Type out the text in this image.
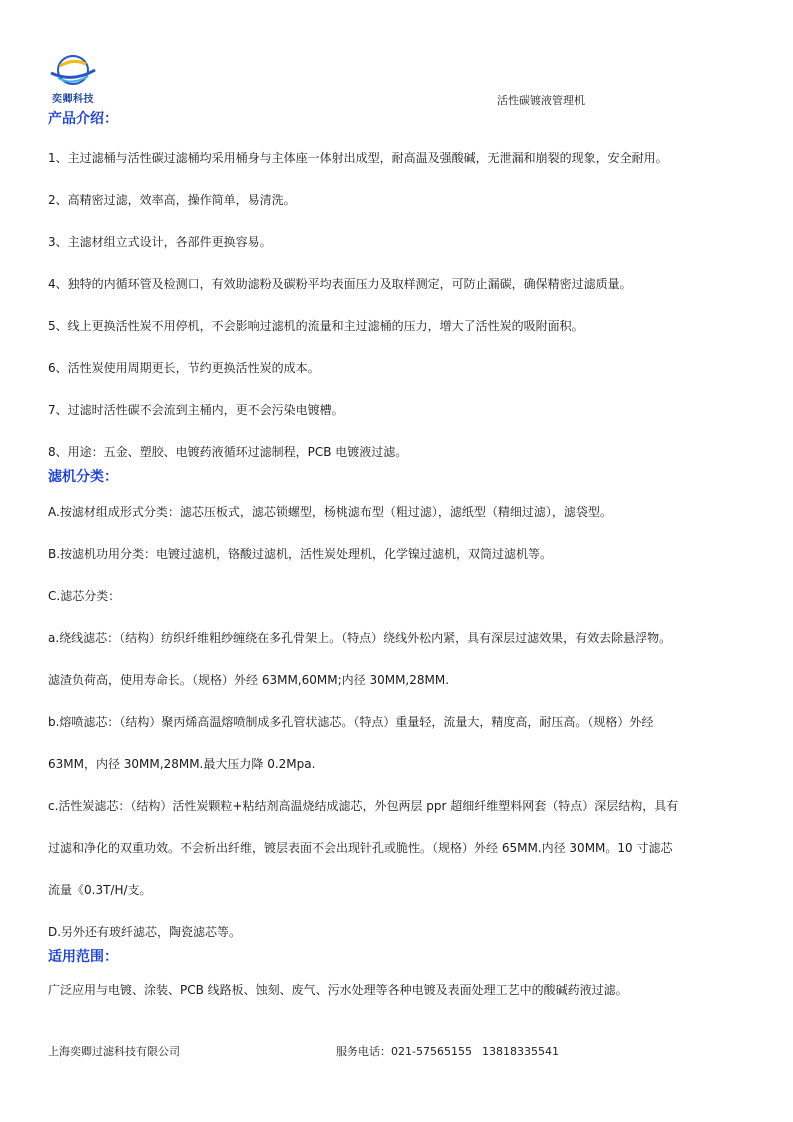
奕卿科技	活性碳镀液管理机
产品介绍：

1、主过滤桶与活性碳过滤桶均采用桶身与主体座一体射出成型，耐高温及强酸碱，无泄漏和崩裂的现象，安全耐用。

2、高精密过滤，效率高，操作简单，易清洗。

3、主滤材组立式设计，各部件更换容易。

4、独特的内循环管及检测口，有效助滤粉及碳粉平均表面压力及取样测定，可防止漏碳，确保精密过滤质量。

5、线上更换活性炭不用停机，不会影响过滤机的流量和主过滤桶的压力，增大了活性炭的吸附面积。

6、活性炭使用周期更长，节约更换活性炭的成本。

7、过滤时活性碳不会流到主桶内，更不会污染电镀槽。

8、用途：五金、塑胶、电镀药液循环过滤制程，PCB 电镀液过滤。

滤机分类：

A.按滤材组成形式分类：滤芯压板式，滤芯锁螺型，杨桃滤布型（粗过滤），滤纸型（精细过滤），滤袋型。

B.按滤机功用分类：电镀过滤机，铬酸过滤机，活性炭处理机，化学镍过滤机，双筒过滤机等。

C.滤芯分类：

a.绕线滤芯：（结构）纺织纤维粗纱缠绕在多孔骨架上。（特点）绕线外松内紧，具有深层过滤效果，有效去除悬浮物。

滤渣负荷高，使用寿命长。（规格）外经 63MM,60MM;内径 30MM,28MM.

b.熔喷滤芯：（结构）聚丙烯高温熔喷制成多孔管状滤芯。（特点）重量轻，流量大，精度高，耐压高。（规格）外经

63MM，内径 30MM,28MM.最大压力降 0.2Mpa.

c.活性炭滤芯：（结构）活性炭颗粒+粘结剂高温烧结成滤芯，外包两层 ppr 超细纤维塑料网套（特点）深层结构，具有

过滤和净化的双重功效。不会析出纤维，镀层表面不会出现针孔或脆性。（规格）外经 65MM.内径 30MM。10 寸滤芯

流量《0.3T/H/支。

D.另外还有玻纤滤芯，陶瓷滤芯等。

适用范围：

广泛应用与电镀、涂装、PCB 线路板、蚀刻、废气、污水处理等各种电镀及表面处理工艺中的酸碱药液过滤。

上海奕卿过滤科技有限公司	服务电话：021-57565155 13818335541
